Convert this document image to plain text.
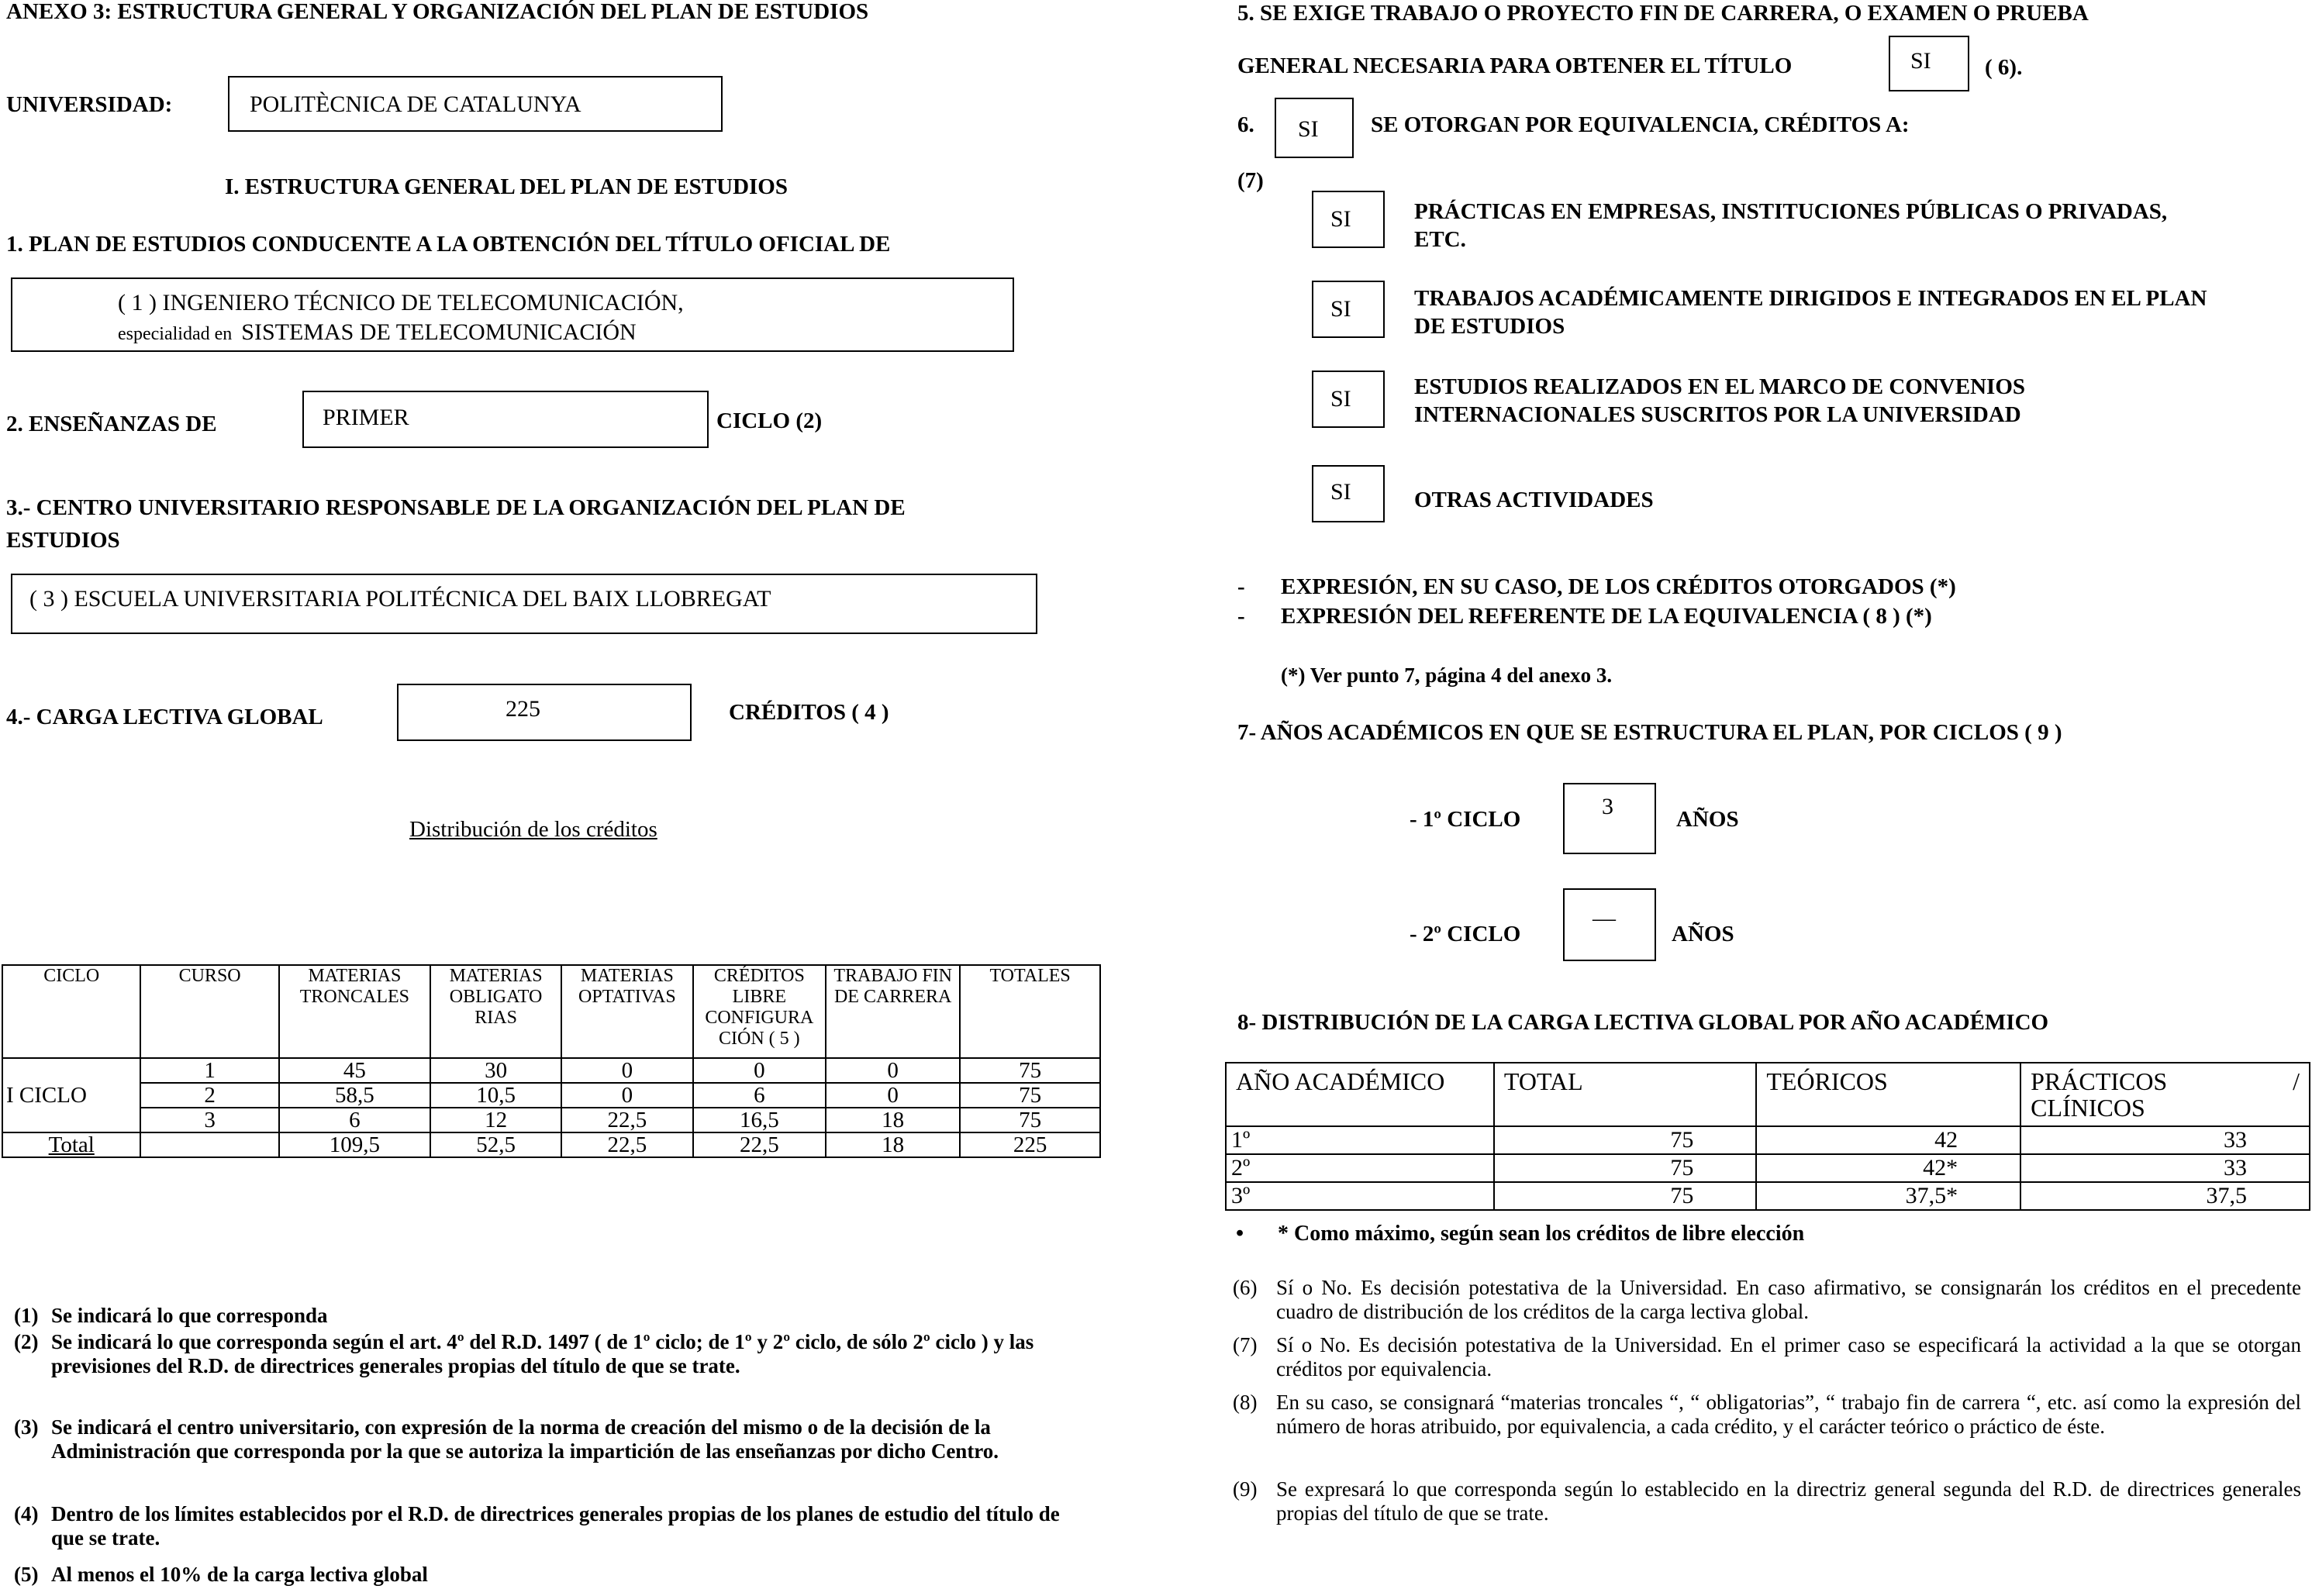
ANEXO 3: ESTRUCTURA GENERAL Y ORGANIZACIÓN DEL PLAN DE ESTUDIOS
UNIVERSIDAD:	POLITÈCNICA DE CATALUNYA
I. ESTRUCTURA GENERAL DEL PLAN DE ESTUDIOS
1. PLAN DE ESTUDIOS CONDUCENTE A LA OBTENCIÓN DEL TÍTULO OFICIAL DE
( 1 ) INGENIERO TÉCNICO DE TELECOMUNICACIÓN,
especialidad en SISTEMAS DE TELECOMUNICACIÓN
2. ENSEÑANZAS DE	PRIMER	CICLO (2)
3.- CENTRO UNIVERSITARIO RESPONSABLE DE LA ORGANIZACIÓN DEL PLAN DE
ESTUDIOS
( 3 ) ESCUELA UNIVERSITARIA POLITÉCNICA DEL BAIX LLOBREGAT
4.- CARGA LECTIVA GLOBAL	225	CRÉDITOS ( 4 )
Distribución de los créditos
CICLO	CURSO	MATERIAS TRONCALES	MATERIAS OBLIGATO RIAS	MATERIAS OPTATIVAS	CRÉDITOS LIBRE CONFIGURA CIÓN ( 5 )	TRABAJO FIN DE CARRERA	TOTALES
I CICLO	1	45	30	0	0	0	75
	2	58,5	10,5	0	6	0	75
	3	6	12	22,5	16,5	18	75
Total		109,5	52,5	22,5	22,5	18	225
(1) Se indicará lo que corresponda
(2) Se indicará lo que corresponda según el art. 4º del R.D. 1497 ( de 1º ciclo; de 1º y 2º ciclo, de sólo 2º ciclo ) y las previsiones del R.D. de directrices generales propias del título de que se trate.
(3) Se indicará el centro universitario, con expresión de la norma de creación del mismo o de la decisión de la Administración que corresponda por la que se autoriza la impartición de las enseñanzas por dicho Centro.
(4) Dentro de los límites establecidos por el R.D. de directrices generales propias de los planes de estudio del título de que se trate.
(5) Al menos el 10% de la carga lectiva global
5. SE EXIGE TRABAJO O PROYECTO FIN DE CARRERA, O EXAMEN O PRUEBA
GENERAL NECESARIA PARA OBTENER EL TÍTULO	SI ( 6).
6. SI SE OTORGAN POR EQUIVALENCIA, CRÉDITOS A:
(7)
SI	PRÁCTICAS EN EMPRESAS, INSTITUCIONES PÚBLICAS O PRIVADAS,
ETC.
SI	TRABAJOS ACADÉMICAMENTE DIRIGIDOS E INTEGRADOS EN EL PLAN
DE ESTUDIOS
SI	ESTUDIOS REALIZADOS EN EL MARCO DE CONVENIOS
INTERNACIONALES SUSCRITOS POR LA UNIVERSIDAD
SI	OTRAS ACTIVIDADES
- EXPRESIÓN, EN SU CASO, DE LOS CRÉDITOS OTORGADOS (*)
- EXPRESIÓN DEL REFERENTE DE LA EQUIVALENCIA ( 8 ) (*)
(*) Ver punto 7, página 4 del anexo 3.
7- AÑOS ACADÉMICOS EN QUE SE ESTRUCTURA EL PLAN, POR CICLOS ( 9 )
- 1º CICLO	3	AÑOS
- 2º CICLO
—
AÑOS
8- DISTRIBUCIÓN DE LA CARGA LECTIVA GLOBAL POR AÑO ACADÉMICO
AÑO ACADÉMICO	TOTAL	TEÓRICOS	PRÁCTICOS /
CLÍNICOS

1º	75	42	33
2º	75	42*	33
3º	75	37,5*	37,5
• * Como máximo, según sean los créditos de libre elección
(6) Sí o No. Es decisión potestativa de la Universidad. En caso afirmativo, se consignarán los créditos en el precedente cuadro de distribución de los créditos de la carga lectiva global.
(7) Sí o No. Es decisión potestativa de la Universidad. En el primer caso se especificará la actividad a la que se otorgan créditos por equivalencia.
(8) En su caso, se consignará “materias troncales “, “ obligatorias”, “ trabajo fin de carrera “, etc. así como la expresión del número de horas atribuido, por equivalencia, a cada crédito, y el carácter teórico o práctico de éste.
(9) Se expresará lo que corresponda según lo establecido en la directriz general segunda del R.D. de directrices generales propias del título de que se trate.
